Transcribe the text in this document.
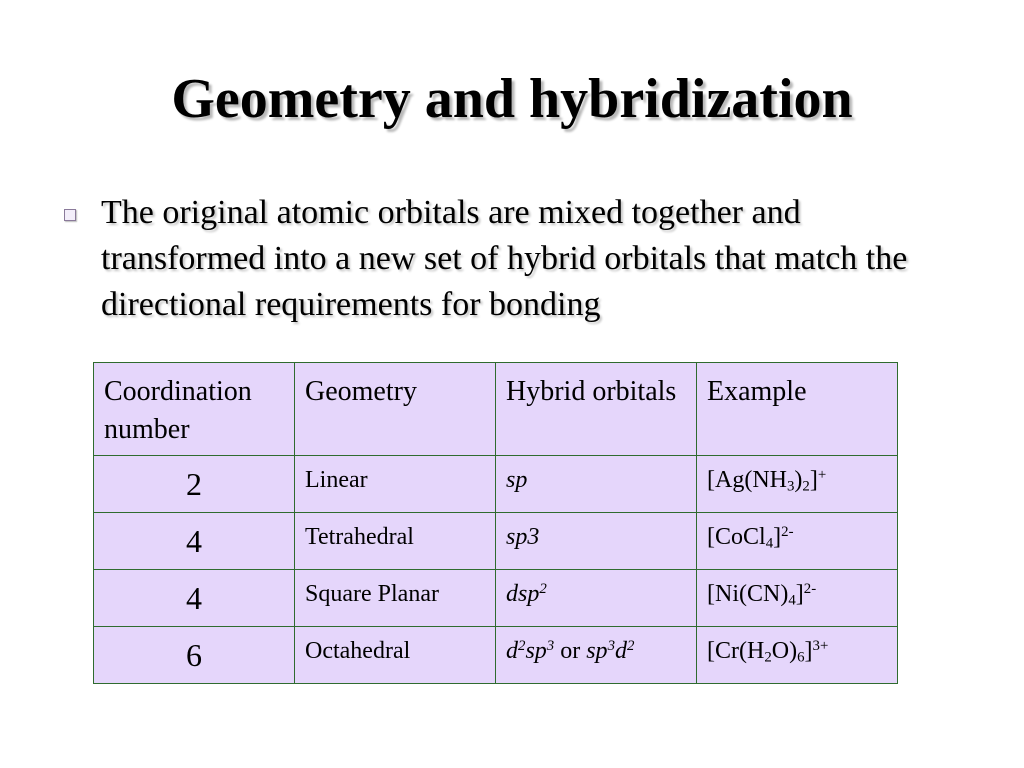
Geometry and hybridization
The original atomic orbitals are mixed together and transformed into a new set of hybrid orbitals that match the directional requirements for bonding
Coordination number	Geometry	Hybrid orbitals	Example
2	Linear	sp	$[Ag(NH_3)_2]^+$
4	Tetrahedral	sp3	[CoCl$_4$]$^{2-}$
4	Square Planar	dsp$^2$	$[Ni(CN)_4]^{2-}$
6	Octahedral	$d^2sp^3$ or $sp^3d^2$	$[Cr(H_2O)_6]^{3+}$
